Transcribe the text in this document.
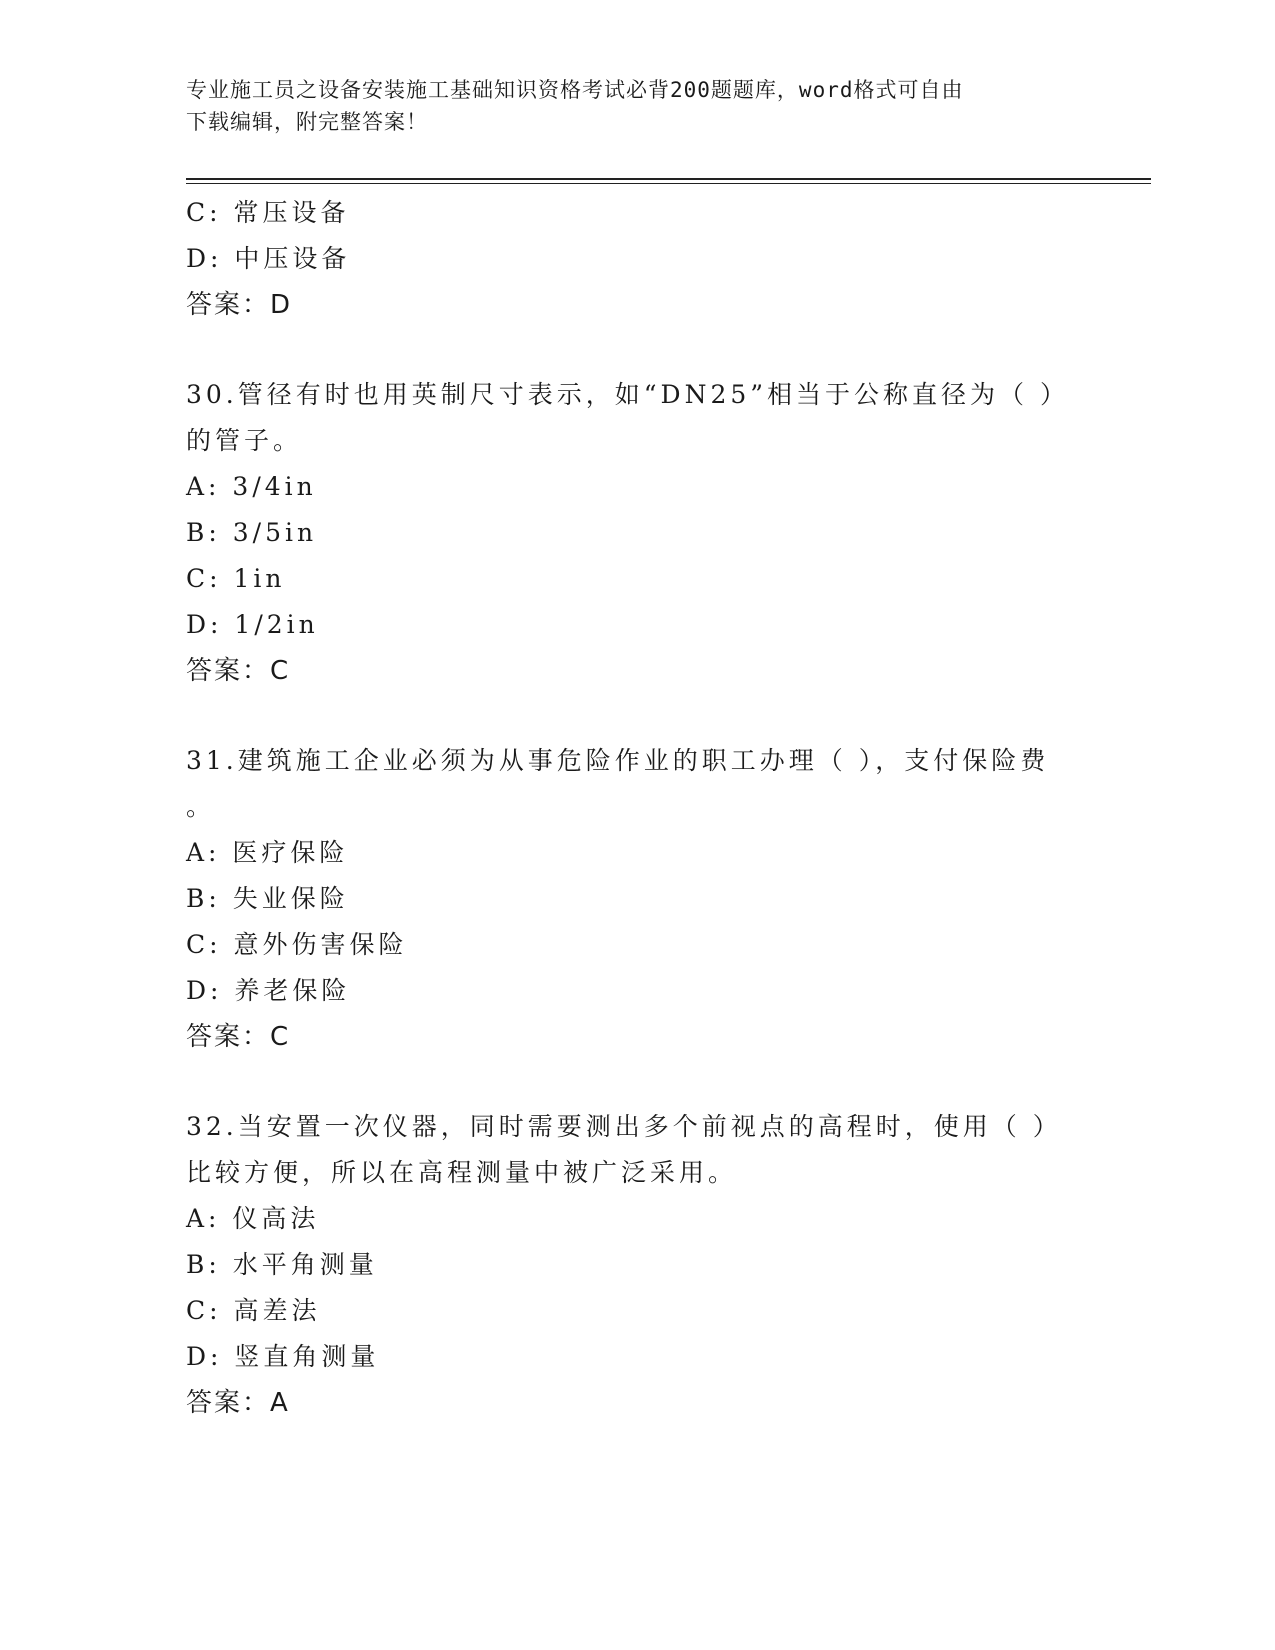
专业施工员之设备安装施工基础知识资格考试必背200题题库，word格式可自由
下载编辑，附完整答案！
C: 常压设备
D: 中压设备
答案：D
30.管径有时也用英制尺寸表示，如“DN25”相当于公称直径为（ ）
的管子。
A: 3/4in
B: 3/5in
C: 1in
D: 1/2in
答案：C
31.建筑施工企业必须为从事危险作业的职工办理（ ），支付保险费
。
A: 医疗保险
B: 失业保险
C: 意外伤害保险
D: 养老保险
答案：C
32.当安置一次仪器，同时需要测出多个前视点的高程时，使用（ ）
比较方便，所以在高程测量中被广泛采用。
A: 仪高法
B: 水平角测量
C: 高差法
D: 竖直角测量
答案：A
